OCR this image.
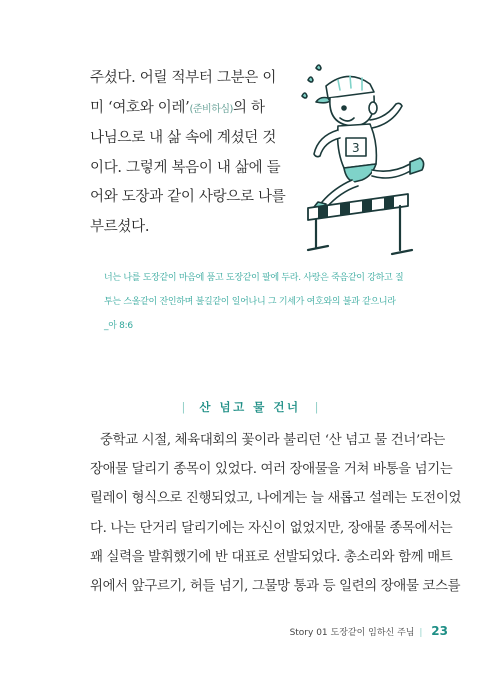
주셨다. 어릴 적부터 그분은 이
미 ‘여호와 이레’(준비하심)의 하
나님으로 내 삶 속에 계셨던 것
이다. 그렇게 복음이 내 삶에 들
어와 도장과 같이 사랑으로 나를
부르셨다.
3
너는 나를 도장같이 마음에 품고 도장같이 팔에 두라. 사랑은 죽음같이 강하고 질
투는 스올같이 잔인하며 불길같이 일어나니 그 기세가 여호와의 불과 같으니라
_아 8:6
| 산 넘고 물 건너 |
중학교 시절, 체육대회의 꽃이라 불리던 ‘산 넘고 물 건너’라는
장애물 달리기 종목이 있었다. 여러 장애물을 거쳐 바통을 넘기는
릴레이 형식으로 진행되었고, 나에게는 늘 새롭고 설레는 도전이었
다. 나는 단거리 달리기에는 자신이 없었지만, 장애물 종목에서는
꽤 실력을 발휘했기에 반 대표로 선발되었다. 총소리와 함께 매트
위에서 앞구르기, 허들 넘기, 그물망 통과 등 일련의 장애물 코스를
Story 01 도장같이 임하신 주님 | 23
